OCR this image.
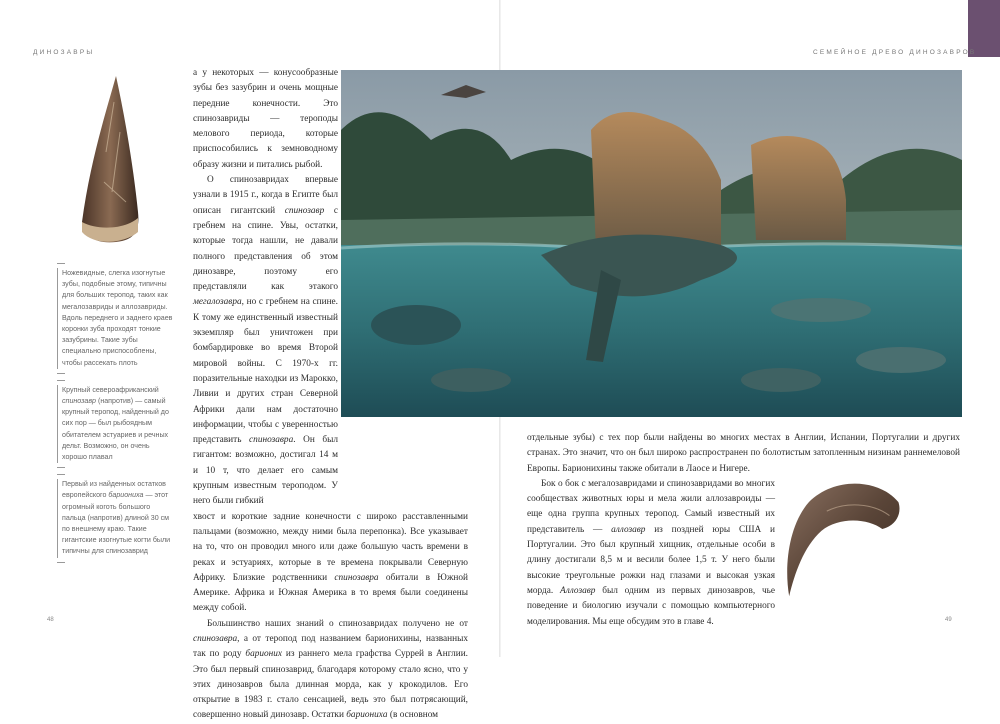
ДИНОЗАВРЫ	СЕМЕЙНОЕ ДРЕВО ДИНОЗАВРОВ
48	49
Ножевидные, слегка изогнутые зубы, подобные этому, типичны для больших теропод, таких как мегалозавриды и аллозавриды. Вдоль переднего и заднего краев коронки зуба проходят тонкие зазубрины. Такие зубы специально приспособлены, чтобы рассекать плоть
Крупный североафриканский спинозавр (напротив) — самый крупный теропод, найденный до сих пор — был рыбоядным обитателем эстуариев и речных дельт. Возможно, он очень хорошо плавал
Первый из найденных остатков европейского бариониxа — этот огромный коготь большого пальца (напротив) длиной 30 см по внешнему краю. Такие гигантские изогнутые когти были типичны для спинозаврид

а у некоторых — конусообразные зубы без зазубрин и очень мощные передние конечности. Это спинозавриды — тероподы мелового периода, которые приспособились к земноводному образу жизни и питались рыбой.

О спинозавридах впервые узнали в 1915 г., когда в Египте был описан гигантский спинозавр с гребнем на спине. Увы, остатки, которые тогда нашли, не давали полного представления об этом динозавре, поэтому его представляли как этакого мегалозавра, но с гребнем на спине. К тому же единственный известный экземпляр был уничтожен при бомбардировке во время Второй мировой войны. С 1970-х гг. поразительные находки из Марокко, Ливии и других стран Северной Африки дали нам достаточно информации, чтобы с уверенностью представить спинозавра. Он был гигантом: возможно, достигал 14 м и 10 т, что делает его самым крупным известным тероподом. У него были гибкий

хвост и короткие задние конечности с широко расставленными пальцами (возможно, между ними была перепонка). Все указывает на то, что он проводил много или даже большую часть времени в реках и эстуариях, которые в те времена покрывали Северную Африку. Близкие родственники спинозавра обитали в Южной Америке. Африка и Южная Америка в то время были соединены между собой.

Большинство наших знаний о спинозавридах получено не от спинозавра, а от теропод под названием барионихины, названных так по роду бариониx из раннего мела графства Суррей в Англии. Это был первый спинозаврид, благодаря которому стало ясно, что у этих динозавров была длинная морда, как у крокодилов. Его открытие в 1983 г. стало сенсацией, ведь это был потрясающий, совершенно новый динозавр. Остатки бариониxа (в основном

отдельные зубы) с тех пор были найдены во многих местах в Англии, Испании, Португалии и других странах. Это значит, что он был широко распространен по болотистым затопленным низинам раннемеловой Европы. Барионихины также обитали в Лаосе и Нигере.

Бок о бок с мегалозавридами и спинозавридами во многих сообществах животных юры и мела жили аллозавроиды — еще одна группа крупных теропод. Самый известный их представитель — аллозавр из поздней юры США и Португалии. Это был крупный хищник, отдельные особи в длину достигали 8,5 м и весили более 1,5 т. У него были высокие треугольные рожки над глазами и высокая узкая морда. Аллозавр был одним из первых динозавров, чье поведение и биологию изучали с помощью компьютерного моделирования. Мы еще обсудим это в главе 4.
